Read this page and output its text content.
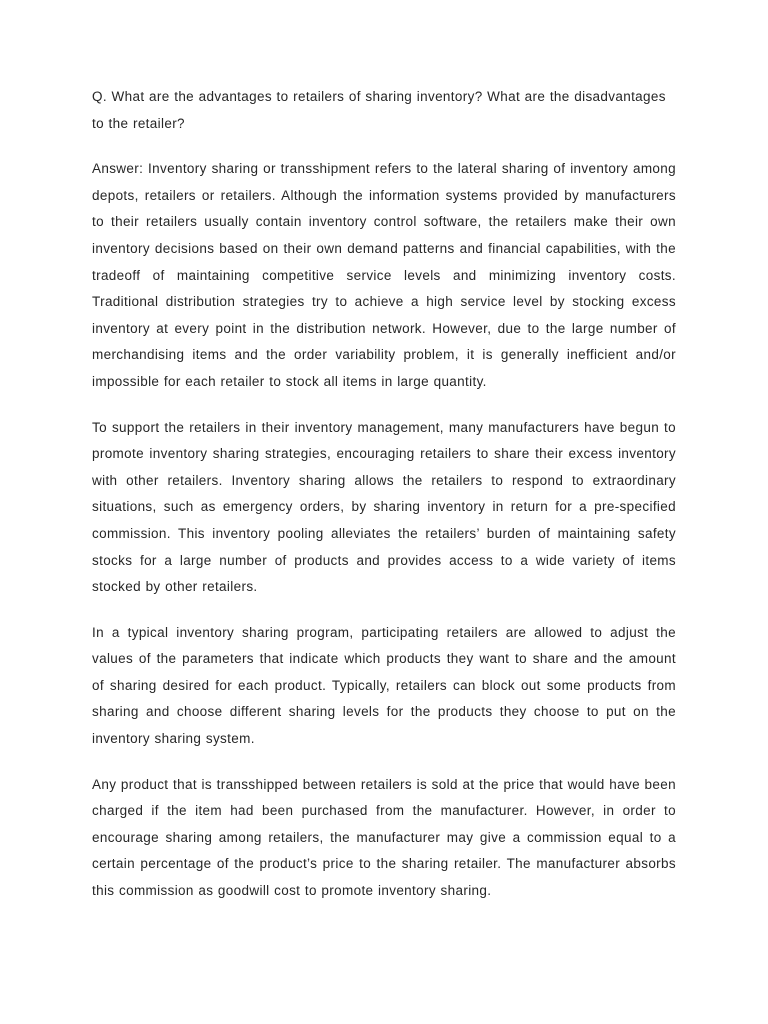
Q. What are the advantages to retailers of sharing inventory? What are the disadvantages to the retailer?

Answer: Inventory sharing or transshipment refers to the lateral sharing of inventory among depots, retailers or retailers. Although the information systems provided by manufacturers to their retailers usually contain inventory control software, the retailers make their own inventory decisions based on their own demand patterns and financial capabilities, with the tradeoff of maintaining competitive service levels and minimizing inventory costs. Traditional distribution strategies try to achieve a high service level by stocking excess inventory at every point in the distribution network. However, due to the large number of merchandising items and the order variability problem, it is generally inefficient and/or impossible for each retailer to stock all items in large quantity.

To support the retailers in their inventory management, many manufacturers have begun to promote inventory sharing strategies, encouraging retailers to share their excess inventory with other retailers. Inventory sharing allows the retailers to respond to extraordinary situations, such as emergency orders, by sharing inventory in return for a pre-specified commission. This inventory pooling alleviates the retailers’ burden of maintaining safety stocks for a large number of products and provides access to a wide variety of items stocked by other retailers.

In a typical inventory sharing program, participating retailers are allowed to adjust the values of the parameters that indicate which products they want to share and the amount of sharing desired for each product. Typically, retailers can block out some products from sharing and choose different sharing levels for the products they choose to put on the inventory sharing system.

Any product that is transshipped between retailers is sold at the price that would have been charged if the item had been purchased from the manufacturer. However, in order to encourage sharing among retailers, the manufacturer may give a commission equal to a certain percentage of the product’s price to the sharing retailer. The manufacturer absorbs this commission as goodwill cost to promote inventory sharing.
